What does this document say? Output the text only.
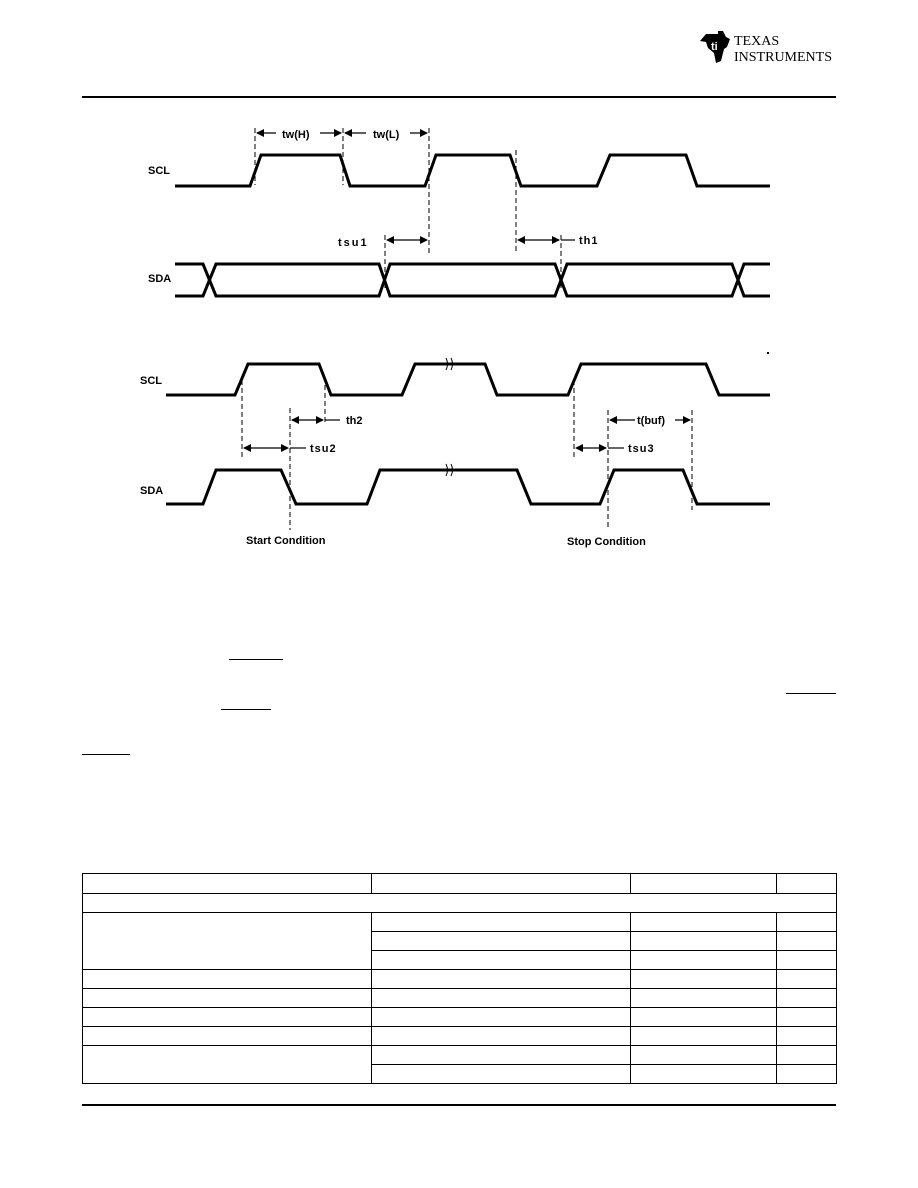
ti TEXAS
INSTRUMENTS
SCL
SDA
tw(H)	tw(L)
tsu1	th1
SCL
SDA
th2
tsu2
t(buf)
tsu3
Start Condition	Stop Condition
